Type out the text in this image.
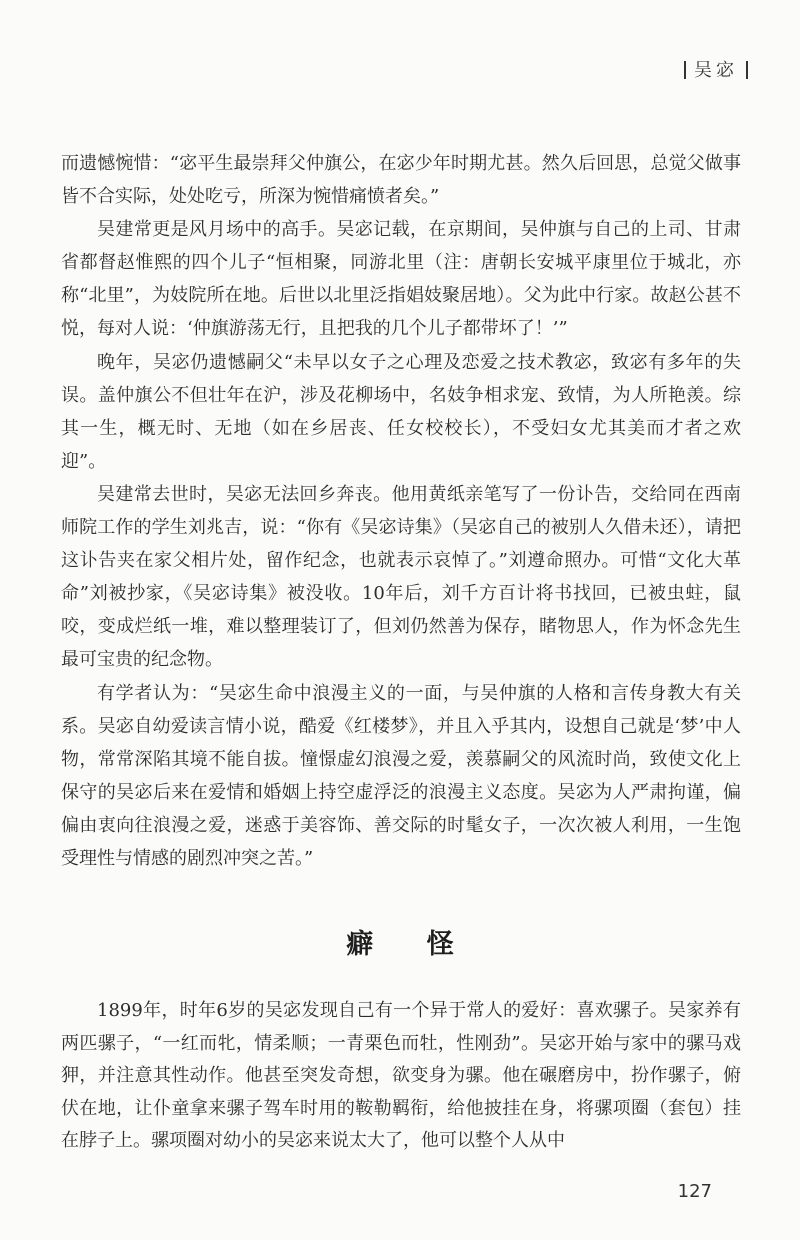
吴宓

而遗憾惋惜：“宓平生最崇拜父仲旗公，在宓少年时期尤甚。然久后回思，总觉父做事皆不合实际，处处吃亏，所深为惋惜痛愤者矣。”

吴建常更是风月场中的高手。吴宓记载，在京期间，吴仲旗与自己的上司、甘肃省都督赵惟熙的四个儿子“恒相聚，同游北里（注：唐朝长安城平康里位于城北，亦称“北里”，为妓院所在地。后世以北里泛指娼妓聚居地）。父为此中行家。故赵公甚不悦，每对人说：‘仲旗游荡无行，且把我的几个儿子都带坏了！’”

晚年，吴宓仍遗憾嗣父“未早以女子之心理及恋爱之技术教宓，致宓有多年的失误。盖仲旗公不但壮年在沪，涉及花柳场中，名妓争相求宠、致情，为人所艳羡。综其一生，概无时、无地（如在乡居丧、任女校校长），不受妇女尤其美而才者之欢迎”。

吴建常去世时，吴宓无法回乡奔丧。他用黄纸亲笔写了一份讣告，交给同在西南师院工作的学生刘兆吉，说：“你有《吴宓诗集》（吴宓自己的被别人久借未还），请把这讣告夹在家父相片处，留作纪念，也就表示哀悼了。”刘遵命照办。可惜“文化大革命”刘被抄家，《吴宓诗集》被没收。10年后，刘千方百计将书找回，已被虫蛀，鼠咬，变成烂纸一堆，难以整理装订了，但刘仍然善为保存，睹物思人，作为怀念先生最可宝贵的纪念物。

有学者认为：“吴宓生命中浪漫主义的一面，与吴仲旗的人格和言传身教大有关系。吴宓自幼爱读言情小说，酷爱《红楼梦》，并且入乎其内，设想自己就是‘梦’中人物，常常深陷其境不能自拔。憧憬虚幻浪漫之爱，羡慕嗣父的风流时尚，致使文化上保守的吴宓后来在爱情和婚姻上持空虚浮泛的浪漫主义态度。吴宓为人严肃拘谨，偏偏由衷向往浪漫之爱，迷惑于美容饰、善交际的时髦女子，一次次被人利用，一生饱受理性与情感的剧烈冲突之苦。”

癖 怪

1899年，时年6岁的吴宓发现自己有一个异于常人的爱好：喜欢骡子。吴家养有两匹骡子，“一红而牝，情柔顺；一青栗色而牡，性刚劲”。吴宓开始与家中的骡马戏狎，并注意其性动作。他甚至突发奇想，欲变身为骡。他在碾磨房中，扮作骡子，俯伏在地，让仆童拿来骡子驾车时用的鞍勒羁衔，给他披挂在身，将骡项圈（套包）挂在脖子上。骡项圈对幼小的吴宓来说太大了，他可以整个人从中

127
